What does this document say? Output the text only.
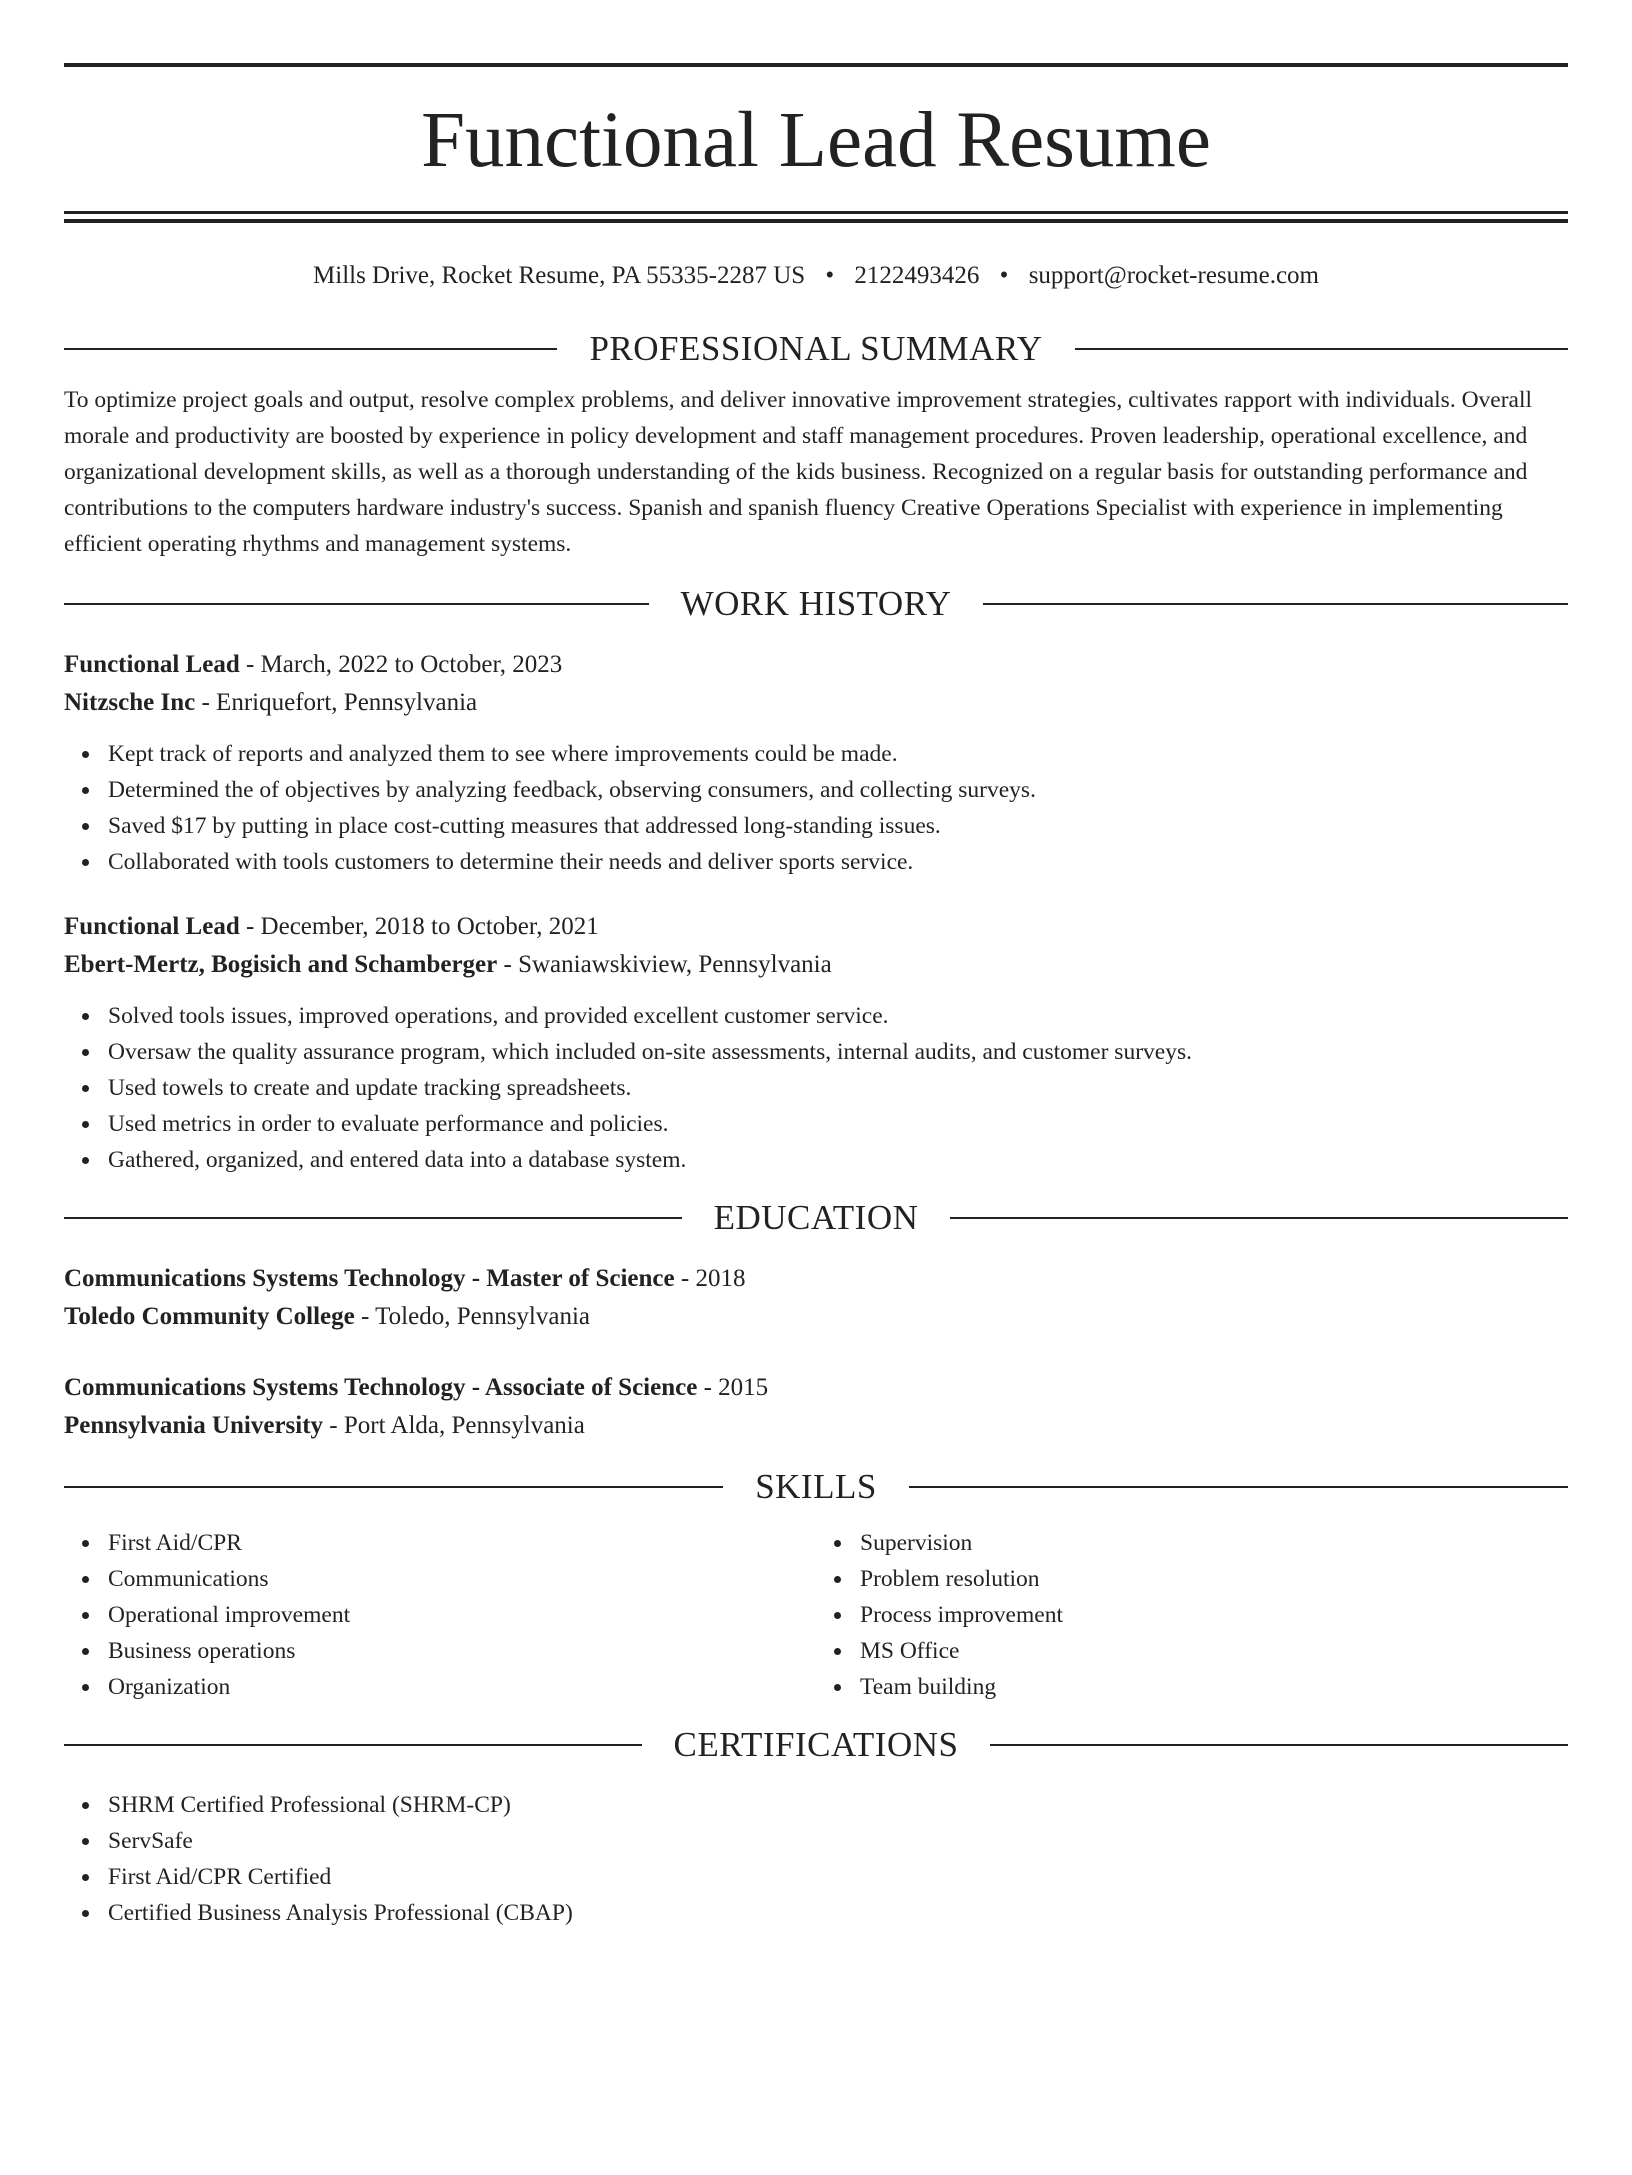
Functional Lead Resume
Mills Drive, Rocket Resume, PA 55335-2287 US • 2122493426 • support@rocket-resume.com
PROFESSIONAL SUMMARY

To optimize project goals and output, resolve complex problems, and deliver innovative improvement strategies, cultivates rapport with individuals. Overall morale and productivity are boosted by experience in policy development and staff management procedures. Proven leadership, operational excellence, and organizational development skills, as well as a thorough understanding of the kids business. Recognized on a regular basis for outstanding performance and contributions to the computers hardware industry's success. Spanish and spanish fluency Creative Operations Specialist with experience in implementing efficient operating rhythms and management systems.

WORK HISTORY
Functional Lead - March, 2022 to October, 2023
Nitzsche Inc - Enriquefort, Pennsylvania
Kept track of reports and analyzed them to see where improvements could be made.
Determined the of objectives by analyzing feedback, observing consumers, and collecting surveys.
Saved $17 by putting in place cost-cutting measures that addressed long-standing issues.
Collaborated with tools customers to determine their needs and deliver sports service.
Functional Lead - December, 2018 to October, 2021
Ebert-Mertz, Bogisich and Schamberger - Swaniawskiview, Pennsylvania
Solved tools issues, improved operations, and provided excellent customer service.
Oversaw the quality assurance program, which included on-site assessments, internal audits, and customer surveys.
Used towels to create and update tracking spreadsheets.
Used metrics in order to evaluate performance and policies.
Gathered, organized, and entered data into a database system.
EDUCATION
Communications Systems Technology - Master of Science - 2018
Toledo Community College - Toledo, Pennsylvania
Communications Systems Technology - Associate of Science - 2015
Pennsylvania University - Port Alda, Pennsylvania
SKILLS
First Aid/CPR
Communications
Operational improvement
Business operations
Organization
Supervision
Problem resolution
Process improvement
MS Office
Team building
CERTIFICATIONS
SHRM Certified Professional (SHRM-CP)
ServSafe
First Aid/CPR Certified
Certified Business Analysis Professional (CBAP)
